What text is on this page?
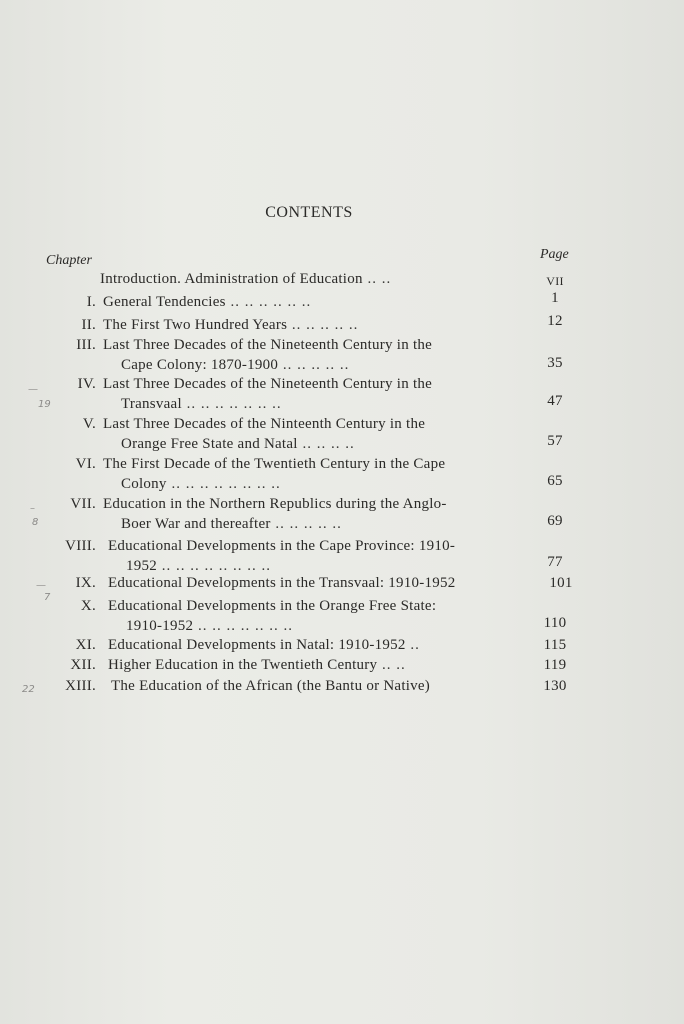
CONTENTS
Chapter	Page
Introduction. Administration of Education .. ..	VII
I. General Tendencies .. .. .. .. .. ..	1
II. The First Two Hundred Years .. .. .. .. ..	12
III. Last Three Decades of the Nineteenth Century in the
Cape Colony: 1870-1900 .. .. .. .. ..	35
IV. Last Three Decades of the Nineteenth Century in the
Transvaal .. .. .. .. .. .. ..	47
V. Last Three Decades of the Ninteenth Century in the
Orange Free State and Natal .. .. .. ..	57
VI. The First Decade of the Twentieth Century in the Cape
Colony .. .. .. .. .. .. .. ..	65
VII. Education in the Northern Republics during the Anglo-
Boer War and thereafter .. .. .. .. ..	69
VIII. Educational Developments in the Cape Province: 1910-
1952 .. .. .. .. .. .. .. ..	77
IX. Educational Developments in the Transvaal: 1910-1952	101
X. Educational Developments in the Orange Free State:
1910-1952 .. .. .. .. .. .. ..	110
XI. Educational Developments in Natal: 1910-1952 ..	115
XII. Higher Education in the Twentieth Century .. ..	119
XIII. The Education of the African (the Bantu or Native)	130
—
19
–
8
—
7
22
